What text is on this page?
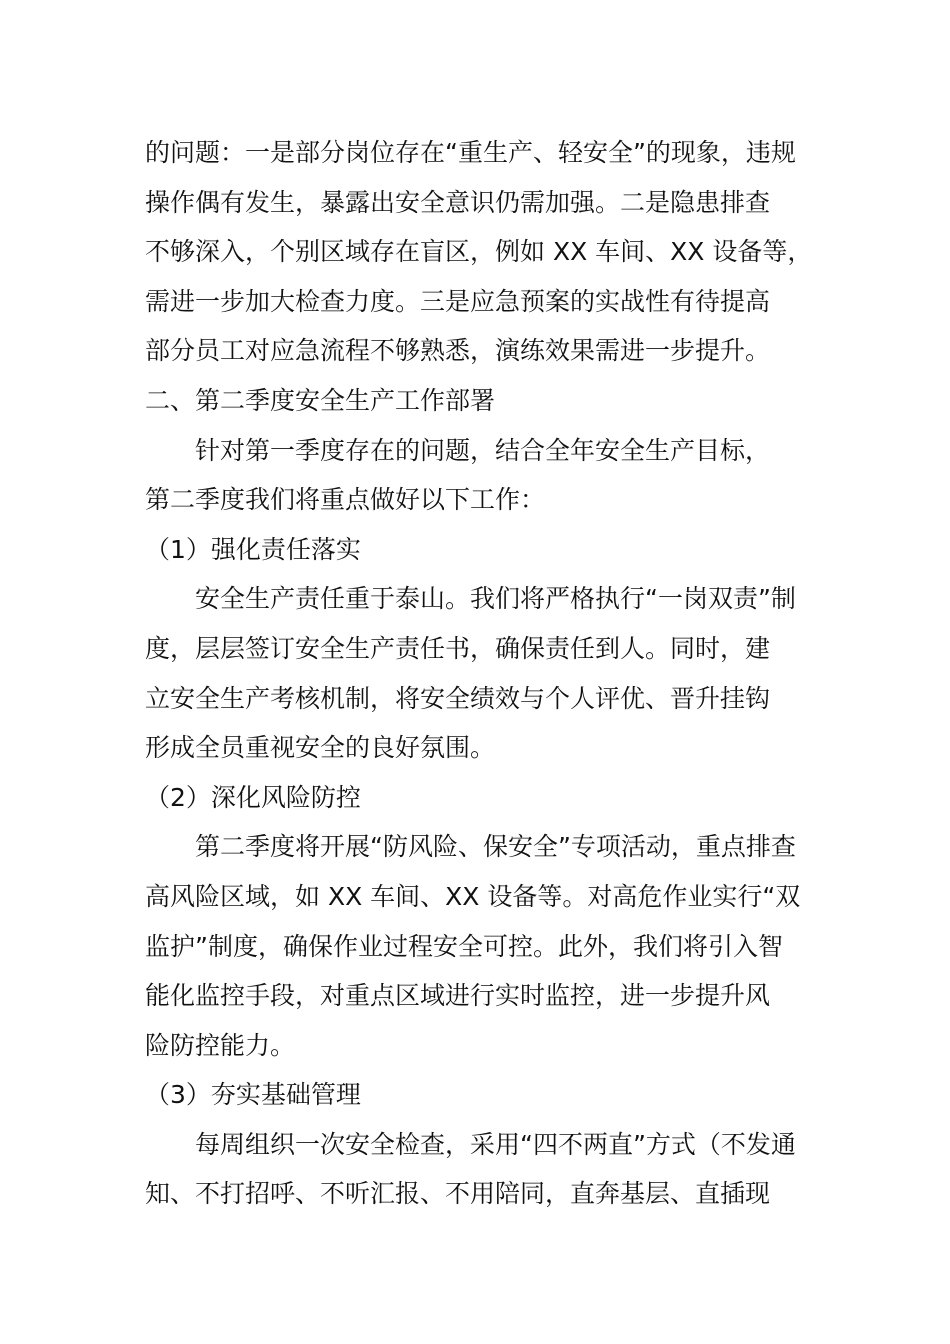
的问题：一是部分岗位存在“重生产、轻安全”的现象，违规
操作偶有发生，暴露出安全意识仍需加强。二是隐患排查
不够深入，个别区域存在盲区，例如 XX 车间、XX 设备等，
需进一步加大检查力度。三是应急预案的实战性有待提高
部分员工对应急流程不够熟悉，演练效果需进一步提升。

二、第二季度安全生产工作部署

针对第一季度存在的问题，结合全年安全生产目标，
第二季度我们将重点做好以下工作：

（1）强化责任落实

安全生产责任重于泰山。我们将严格执行“一岗双责”制
度，层层签订安全生产责任书，确保责任到人。同时，建
立安全生产考核机制，将安全绩效与个人评优、晋升挂钩
形成全员重视安全的良好氛围。

（2）深化风险防控

第二季度将开展“防风险、保安全”专项活动，重点排查
高风险区域，如 XX 车间、XX 设备等。对高危作业实行“双
监护”制度，确保作业过程安全可控。此外，我们将引入智
能化监控手段，对重点区域进行实时监控，进一步提升风
险防控能力。

（3）夯实基础管理

每周组织一次安全检查，采用“四不两直”方式（不发通
知、不打招呼、不听汇报、不用陪同，直奔基层、直插现
